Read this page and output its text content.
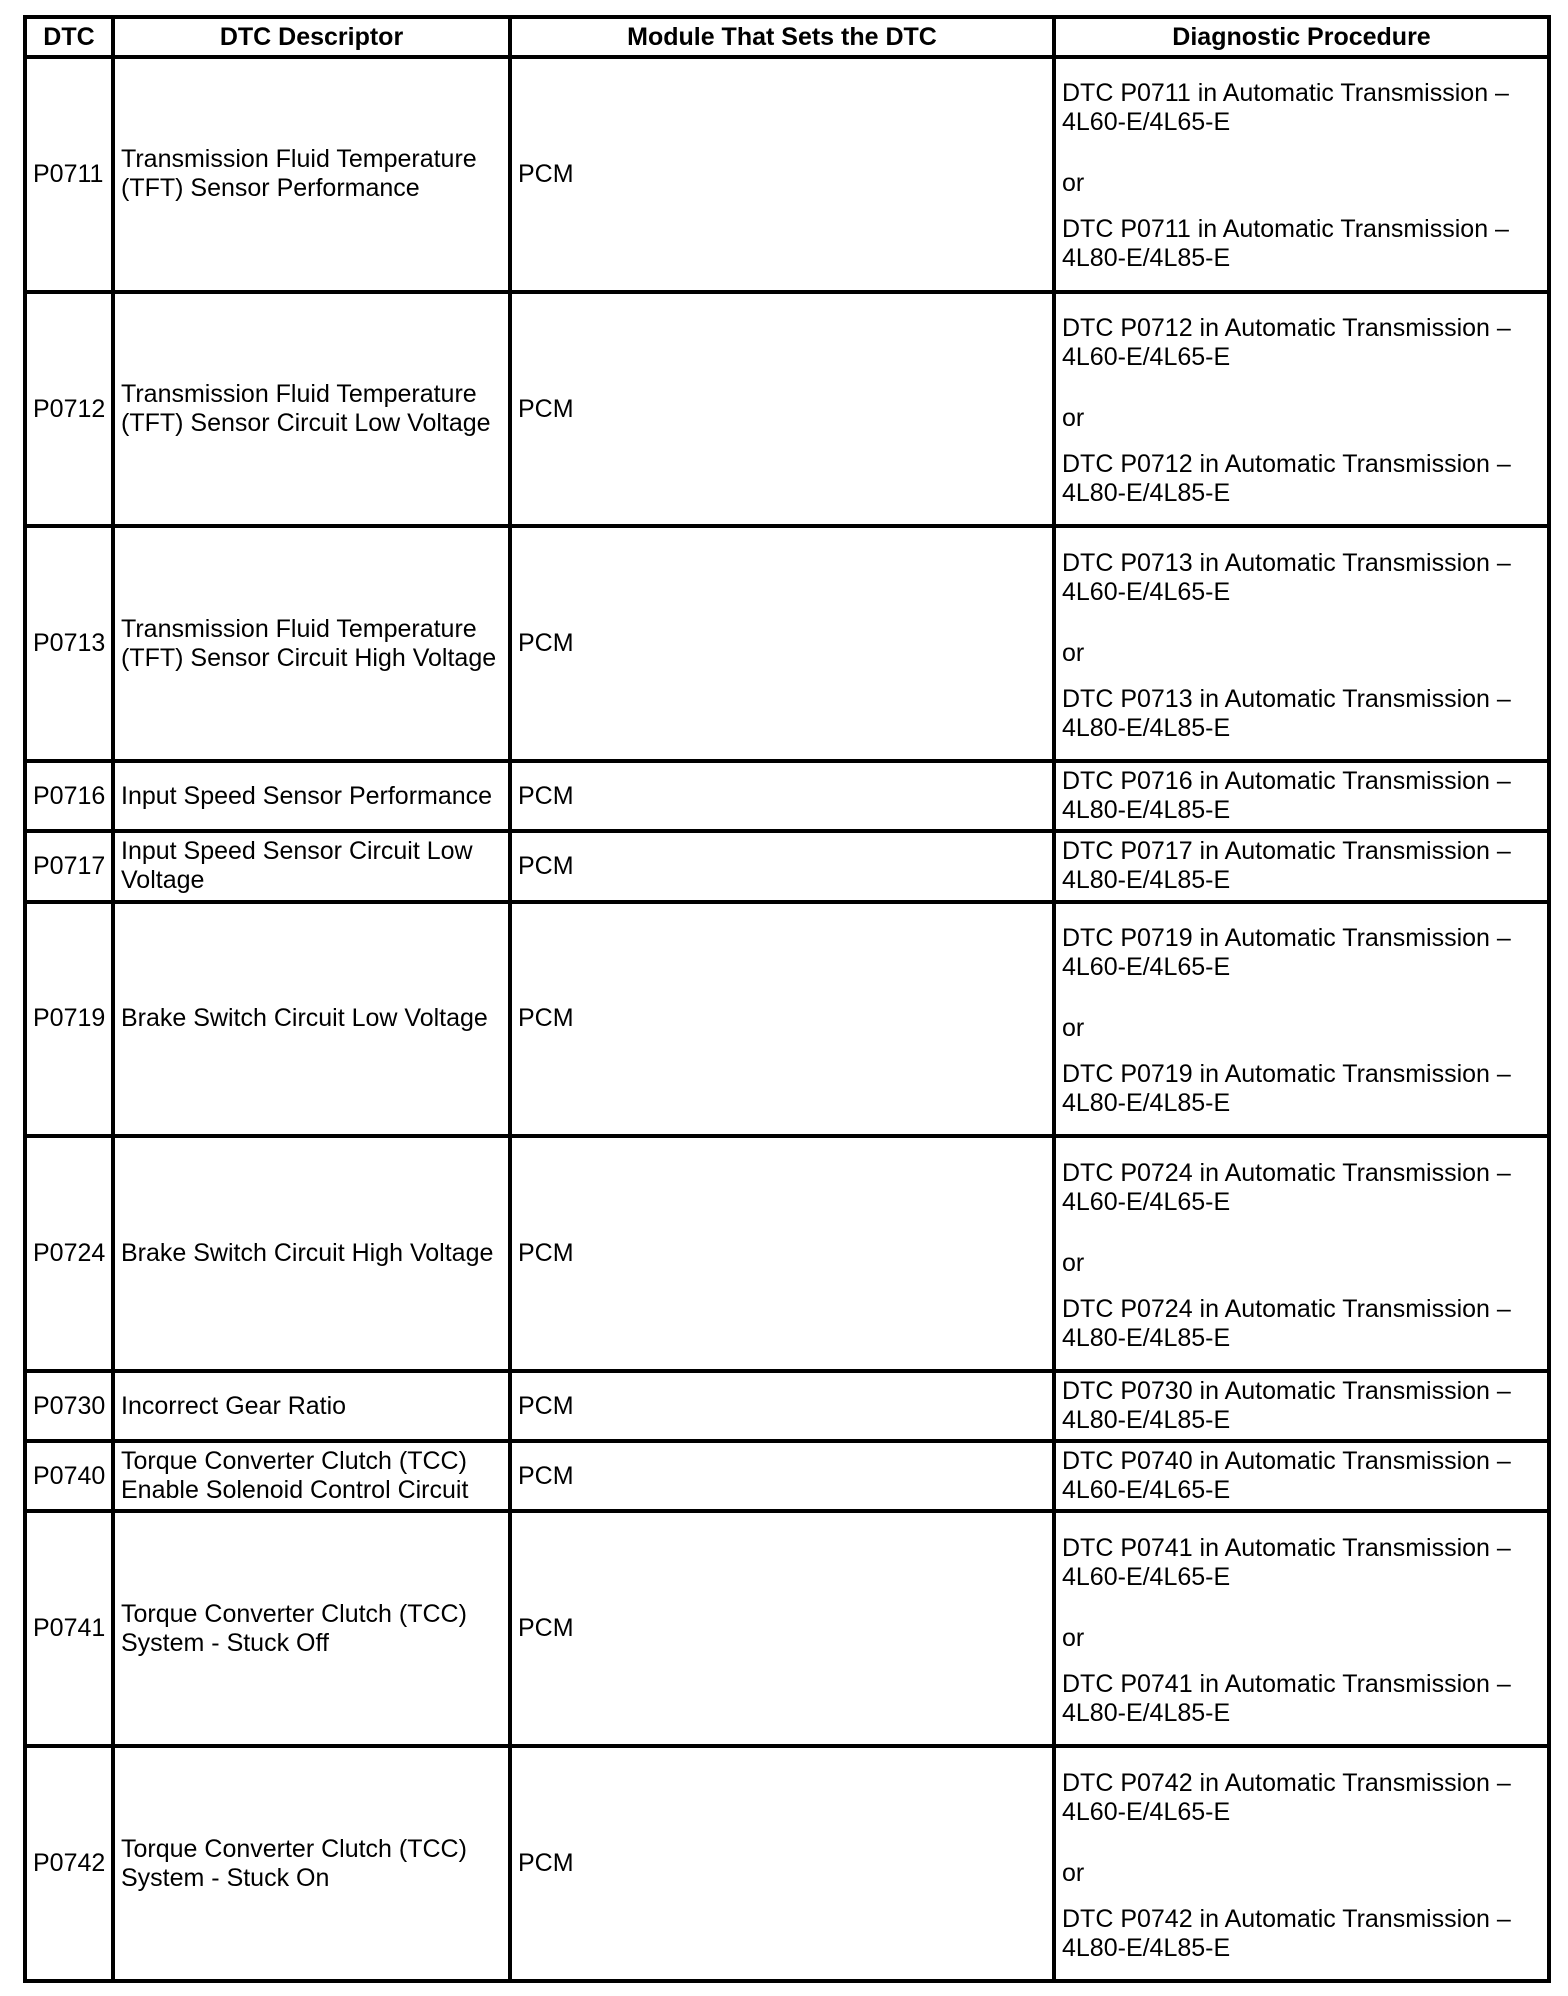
DTC	DTC Descriptor	Module That Sets the DTC	Diagnostic Procedure
P0711	Transmission Fluid Temperature (TFT) Sensor Performance	PCM	DTC P0711 in Automatic Transmission – 4L60-E/4L65-E
or
DTC P0711 in Automatic Transmission – 4L80-E/4L85-E

P0712	Transmission Fluid Temperature (TFT) Sensor Circuit Low Voltage	PCM	DTC P0712 in Automatic Transmission – 4L60-E/4L65-E
or
DTC P0712 in Automatic Transmission – 4L80-E/4L85-E

P0713	Transmission Fluid Temperature (TFT) Sensor Circuit High Voltage	PCM	DTC P0713 in Automatic Transmission – 4L60-E/4L65-E
or
DTC P0713 in Automatic Transmission – 4L80-E/4L85-E

P0716	Input Speed Sensor Performance	PCM	DTC P0716 in Automatic Transmission – 4L80-E/4L85-E

P0717	Input Speed Sensor Circuit Low Voltage	PCM	DTC P0717 in Automatic Transmission – 4L80-E/4L85-E

P0719	Brake Switch Circuit Low Voltage	PCM	DTC P0719 in Automatic Transmission – 4L60-E/4L65-E
or
DTC P0719 in Automatic Transmission – 4L80-E/4L85-E

P0724	Brake Switch Circuit High Voltage	PCM	DTC P0724 in Automatic Transmission – 4L60-E/4L65-E
or
DTC P0724 in Automatic Transmission – 4L80-E/4L85-E

P0730	Incorrect Gear Ratio	PCM	DTC P0730 in Automatic Transmission – 4L80-E/4L85-E

P0740	Torque Converter Clutch (TCC) Enable Solenoid Control Circuit	PCM	DTC P0740 in Automatic Transmission – 4L60-E/4L65-E

P0741	Torque Converter Clutch (TCC) System - Stuck Off	PCM	DTC P0741 in Automatic Transmission – 4L60-E/4L65-E
or
DTC P0741 in Automatic Transmission – 4L80-E/4L85-E

P0742	Torque Converter Clutch (TCC) System - Stuck On	PCM	DTC P0742 in Automatic Transmission – 4L60-E/4L65-E
or
DTC P0742 in Automatic Transmission – 4L80-E/4L85-E
